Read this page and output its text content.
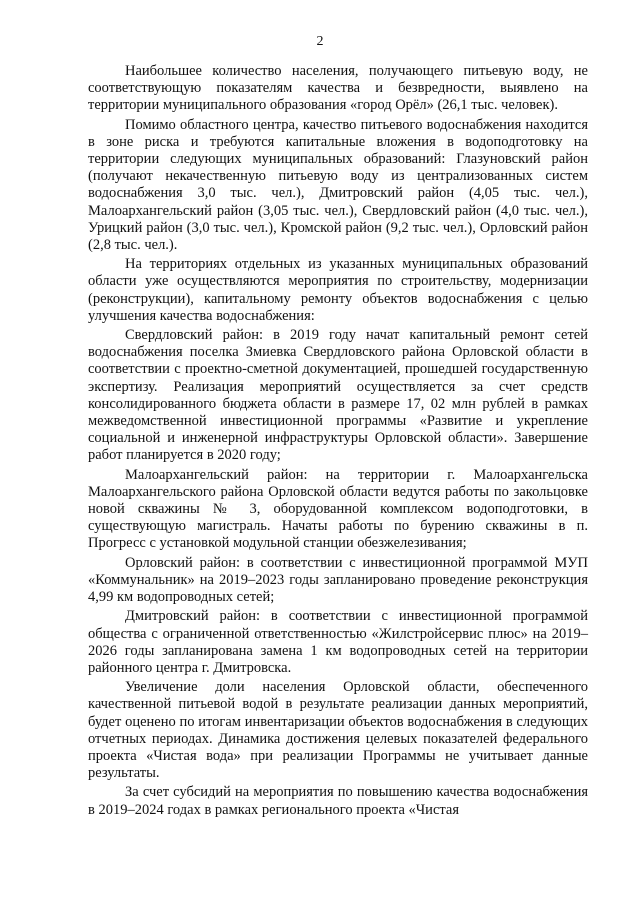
2

Наибольшее количество населения, получающего питьевую воду, не соответствующую показателям качества и безвредности, выявлено на территории муниципального образования «город Орёл» (26,1 тыс. человек).

Помимо областного центра, качество питьевого водоснабжения находится в зоне риска и требуются капитальные вложения в водоподготовку на территории следующих муниципальных образований: Глазуновский район (получают некачественную питьевую воду из централизованных систем водоснабжения 3,0 тыс. чел.), Дмитровский район (4,05 тыс. чел.), Малоархангельский район (3,05 тыс. чел.), Свердловский район (4,0 тыс. чел.), Урицкий район (3,0 тыс. чел.), Кромской район (9,2 тыс. чел.), Орловский район (2,8 тыс. чел.).

На территориях отдельных из указанных муниципальных образований области уже осуществляются мероприятия по строительству, модернизации (реконструкции), капитальному ремонту объектов водоснабжения с целью улучшения качества водоснабжения:

Свердловский район: в 2019 году начат капитальный ремонт сетей водоснабжения поселка Змиевка Свердловского района Орловской области в соответствии с проектно-сметной документацией, прошедшей государственную экспертизу. Реализация мероприятий осуществляется за счет средств консолидированного бюджета области в размере 17, 02 млн рублей в рамках межведомственной инвестиционной программы «Развитие и укрепление социальной и инженерной инфраструктуры Орловской области». Завершение работ планируется в 2020 году;

Малоархангельский район: на территории г. Малоархангельска Малоархангельского района Орловской области ведутся работы по закольцовке новой скважины № 3, оборудованной комплексом водоподготовки, в существующую магистраль. Начаты работы по бурению скважины в п. Прогресс с установкой модульной станции обезжелезивания;

Орловский район: в соответствии с инвестиционной программой МУП «Коммунальник» на 2019–2023 годы запланировано проведение реконструкция 4,99 км водопроводных сетей;

Дмитровский район: в соответствии с инвестиционной программой общества с ограниченной ответственностью «Жилстройсервис плюс» на 2019–2026 годы запланирована замена 1 км водопроводных сетей на территории районного центра г. Дмитровска.

Увеличение доли населения Орловской области, обеспеченного качественной питьевой водой в результате реализации данных мероприятий, будет оценено по итогам инвентаризации объектов водоснабжения в следующих отчетных периодах. Динамика достижения целевых показателей федерального проекта «Чистая вода» при реализации Программы не учитывает данные результаты.

За счет субсидий на мероприятия по повышению качества водоснабжения в 2019–2024 годах в рамках регионального проекта «Чистая
